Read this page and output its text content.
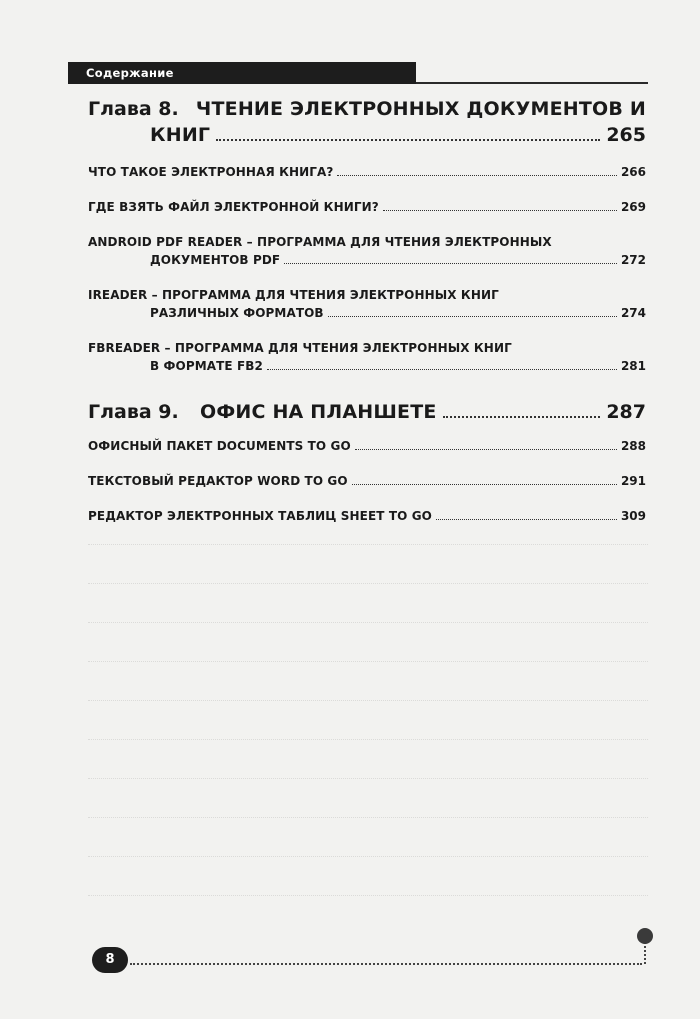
Содержание
Глава 8. ЧТЕНИЕ ЭЛЕКТРОННЫХ ДОКУМЕНТОВ И
КНИГ	265
ЧТО ТАКОЕ ЭЛЕКТРОННАЯ КНИГА?	266
ГДЕ ВЗЯТЬ ФАЙЛ ЭЛЕКТРОННОЙ КНИГИ?	269
ANDROID PDF READER – ПРОГРАММА ДЛЯ ЧТЕНИЯ ЭЛЕКТРОННЫХ
ДОКУМЕНТОВ PDF	272
IREADER – ПРОГРАММА ДЛЯ ЧТЕНИЯ ЭЛЕКТРОННЫХ КНИГ
РАЗЛИЧНЫХ ФОРМАТОВ	274
FBREADER – ПРОГРАММА ДЛЯ ЧТЕНИЯ ЭЛЕКТРОННЫХ КНИГ
В ФОРМАТЕ FB2	281
Глава 9.	ОФИС НА ПЛАНШЕТЕ	287
ОФИСНЫЙ ПАКЕТ DOCUMENTS TO GO	288
ТЕКСТОВЫЙ РЕДАКТОР WORD TO GO	291
РЕДАКТОР ЭЛЕКТРОННЫХ ТАБЛИЦ SHEET TO GO	309
8
